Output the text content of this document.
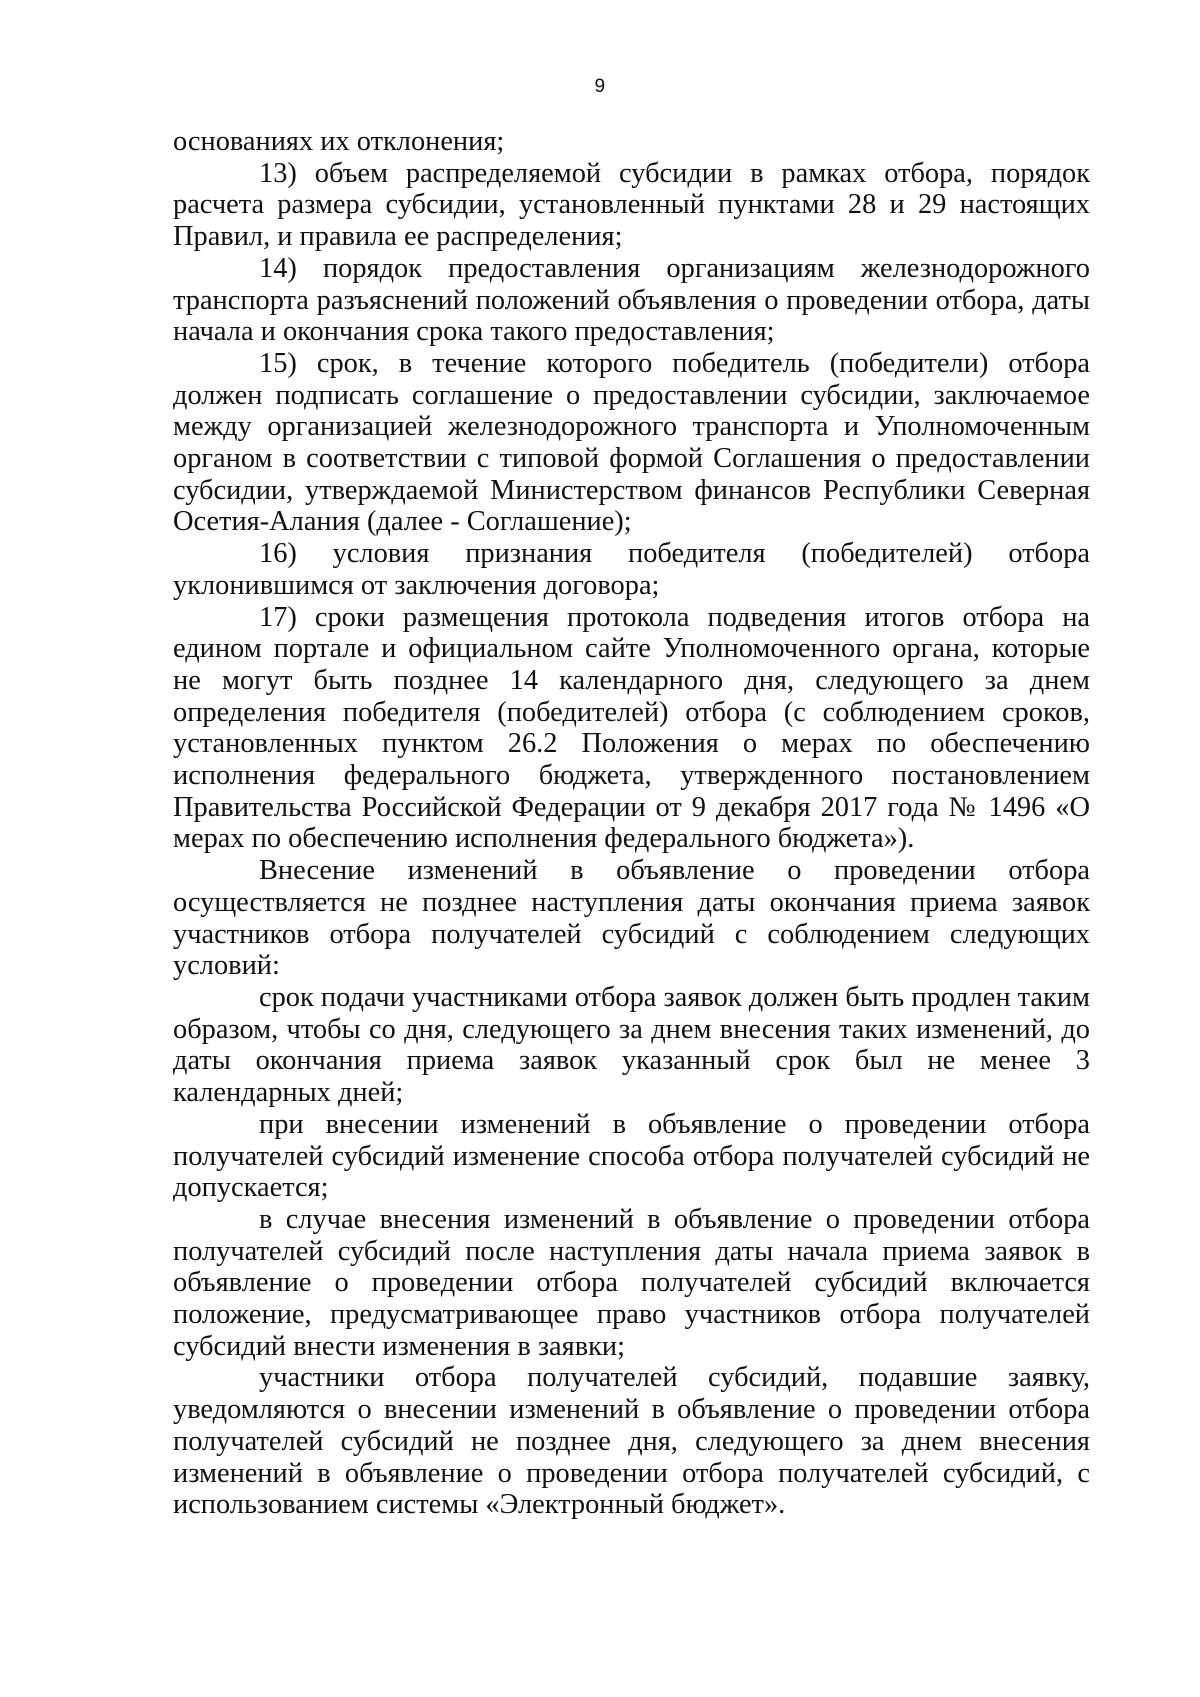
9

основаниях их отклонения;

13) объем распределяемой субсидии в рамках отбора, порядок расчета размера субсидии, установленный пунктами 28 и 29 настоящих Правил, и правила ее распределения;

14) порядок предоставления организациям железнодорожного транспорта разъяснений положений объявления о проведении отбора, даты начала и окончания срока такого предоставления;

15) срок, в течение которого победитель (победители) отбора должен подписать соглашение о предоставлении субсидии, заключаемое между организацией железнодорожного транспорта и Уполномоченным органом в соответствии с типовой формой Соглашения о предоставлении субсидии, утверждаемой Министерством финансов Республики Северная Осетия-Алания (далее - Соглашение);

16) условия признания победителя (победителей) отбора уклонившимся от заключения договора;

17) сроки размещения протокола подведения итогов отбора на едином портале и официальном сайте Уполномоченного органа, которые не могут быть позднее 14 календарного дня, следующего за днем определения победителя (победителей) отбора (с соблюдением сроков, установленных пунктом 26.2 Положения о мерах по обеспечению исполнения федерального бюджета, утвержденного постановлением Правительства Российской Федерации от 9 декабря 2017 года № 1496 «О мерах по обеспечению исполнения федерального бюджета»).

Внесение изменений в объявление о проведении отбора осуществляется не позднее наступления даты окончания приема заявок участников отбора получателей субсидий с соблюдением следующих условий:

срок подачи участниками отбора заявок должен быть продлен таким образом, чтобы со дня, следующего за днем внесения таких изменений, до даты окончания приема заявок указанный срок был не менее 3 календарных дней;

при внесении изменений в объявление о проведении отбора получателей субсидий изменение способа отбора получателей субсидий не допускается;

в случае внесения изменений в объявление о проведении отбора получателей субсидий после наступления даты начала приема заявок в объявление о проведении отбора получателей субсидий включается положение, предусматривающее право участников отбора получателей субсидий внести изменения в заявки;

участники отбора получателей субсидий, подавшие заявку, уведомляются о внесении изменений в объявление о проведении отбора получателей субсидий не позднее дня, следующего за днем внесения изменений в объявление о проведении отбора получателей субсидий, с использованием системы «Электронный бюджет».
